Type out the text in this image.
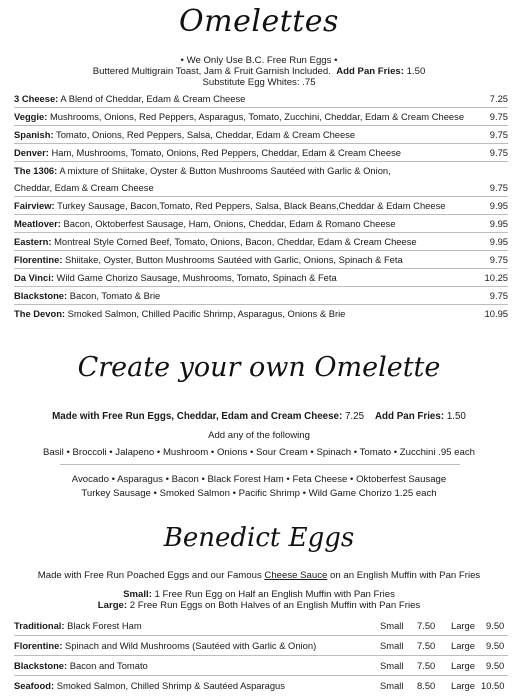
Omelettes
• We Only Use B.C. Free Run Eggs •
Buttered Multigrain Toast, Jam & Fruit Garnish Included. Add Pan Fries: 1.50
Substitute Egg Whites: .75
3 Cheese: A Blend of Cheddar, Edam & Cream Cheese	7.25
Veggie: Mushrooms, Onions, Red Peppers, Asparagus, Tomato, Zucchini, Cheddar, Edam & Cream Cheese	9.75
Spanish: Tomato, Onions, Red Peppers, Salsa, Cheddar, Edam & Cream Cheese	9.75
Denver: Ham, Mushrooms, Tomato, Onions, Red Peppers, Cheddar, Edam & Cream Cheese	9.75
The 1306: A mixture of Shiitake, Oyster & Button Mushrooms Sautéed with Garlic & Onion,
Cheddar, Edam & Cream Cheese	9.75
Fairview: Turkey Sausage, Bacon,Tomato, Red Peppers, Salsa, Black Beans,Cheddar & Edam Cheese	9.95
Meatlover: Bacon, Oktoberfest Sausage, Ham, Onions, Cheddar, Edam & Romano Cheese	9.95
Eastern: Montreal Style Corned Beef, Tomato, Onions, Bacon, Cheddar, Edam & Cream Cheese	9.95
Florentine: Shiitake, Oyster, Button Mushrooms Sautéed with Garlic, Onions, Spinach & Feta	9.75
Da Vinci: Wild Game Chorizo Sausage, Mushrooms, Tomato, Spinach & Feta	10.25
Blackstone: Bacon, Tomato & Brie	9.75
The Devon: Smoked Salmon, Chilled Pacific Shrimp, Asparagus, Onions & Brie	10.95
Create your own Omelette
Made with Free Run Eggs, Cheddar, Edam and Cream Cheese: 7.25 Add Pan Fries: 1.50
Add any of the following
Basil • Broccoli • Jalapeno • Mushroom • Onions • Sour Cream • Spinach • Tomato • Zucchini .95 each
Avocado • Asparagus • Bacon • Black Forest Ham • Feta Cheese • Oktoberfest Sausage
Turkey Sausage • Smoked Salmon • Pacific Shrimp • Wild Game Chorizo 1.25 each
Benedict Eggs
Made with Free Run Poached Eggs and our Famous Cheese Sauce on an English Muffin with Pan Fries
Small: 1 Free Run Egg on Half an English Muffin with Pan Fries
Large: 2 Free Run Eggs on Both Halves of an English Muffin with Pan Fries
Traditional: Black Forest Ham	Small 7.50 Large 9.50
Florentine: Spinach and Wild Mushrooms (Sautéed with Garlic & Onion)	Small 7.50 Large 9.50
Blackstone: Bacon and Tomato	Small 7.50 Large 9.50
Seafood: Smoked Salmon, Chilled Shrimp & Sautéed Asparagus	Small 8.50 Large 10.50
